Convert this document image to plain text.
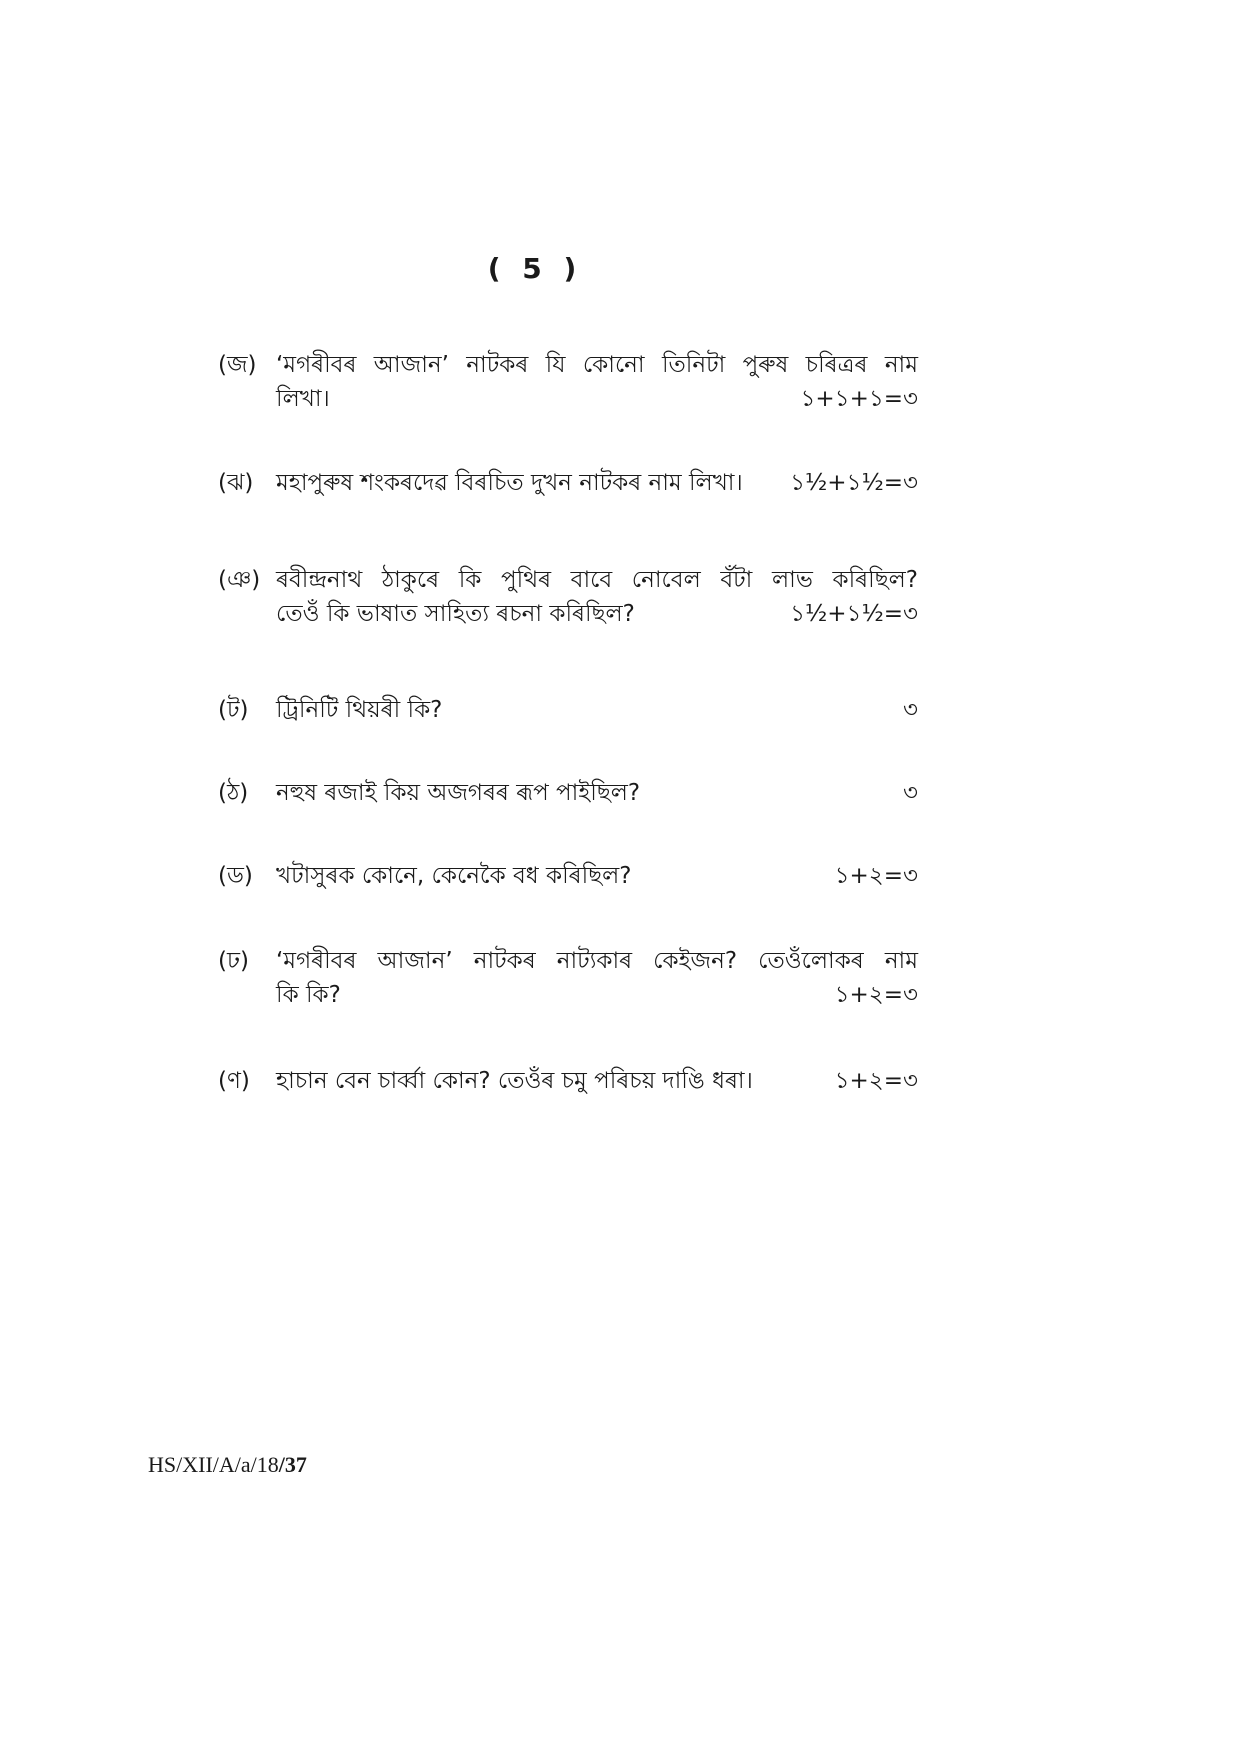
( 5 )
(জ) ‘মগৰীবৰ আজান’ নাটকৰ যি কোনো তিনিটা পুৰুষ চৰিত্ৰৰ নাম
লিখা।	১+১+১=৩
(ঝ) মহাপুৰুষ শংকৰদেৱ বিৰচিত দুখন নাটকৰ নাম লিখা। ১½+১½=৩
(ঞ) ৰবীন্দ্ৰনাথ ঠাকুৰে কি পুথিৰ বাবে নোবেল বঁটা লাভ কৰিছিল?
তেওঁ কি ভাষাত সাহিত্য ৰচনা কৰিছিল?	১½+১½=৩
(ট)	ট্ৰিনিটি থিয়ৰী কি?	৩
(ঠ)	নহুষ ৰজাই কিয় অজগৰৰ ৰূপ পাইছিল?	৩
(ড)	খটাসুৰক কোনে, কেনেকৈ বধ কৰিছিল?	১+২=৩
(ঢ)	‘মগৰীবৰ আজান’ নাটকৰ নাট্যকাৰ কেইজন? তেওঁলোকৰ নাম
কি কি?	১+২=৩
(ণ)	হাচান বেন চাৰ্ব্বা কোন? তেওঁৰ চমু পৰিচয় দাঙি ধৰা।	১+২=৩
HS/XII/A/a/18/37
